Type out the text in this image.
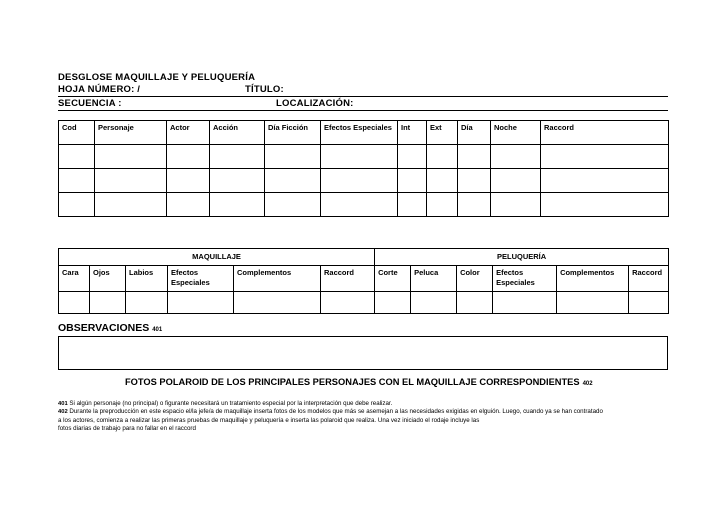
DESGLOSE MAQUILLAJE Y PELUQUERÍA
HOJA NÚMERO: /	TÍTULO:
SECUENCIA :	LOCALIZACIÓN:
Cod	Personaje	Actor	Acción	Día Ficción	Efectos Especiales	Int	Ext	Día	Noche	Raccord

MAQUILLAJE						PELUQUERÍA					
Cara	Ojos	Labios	Efectos Especiales	Complementos	Raccord	Corte	Peluca	Color	Efectos Especiales	Complementos	Raccord

OBSERVACIONES 401
FOTOS POLAROID DE LOS PRINCIPALES PERSONAJES CON EL MAQUILLAJE CORRESPONDIENTES 402
401 Si algún personaje (no principal) o figurante necesitará un tratamiento especial por la interpretación que debe realizar.
402 Durante la preproducción en este espacio el/la jefe/a de maquillaje inserta fotos de los modelos que más se asemejan a las necesidades exigidas en elguión. Luego, cuando ya se han contratado
a los actores, comienza a realizar las primeras pruebas de maquillaje y peluquería e inserta las polaroid que realiza. Una vez iniciado el rodaje incluye las
fotos diarias de trabajo para no fallar en el raccord
